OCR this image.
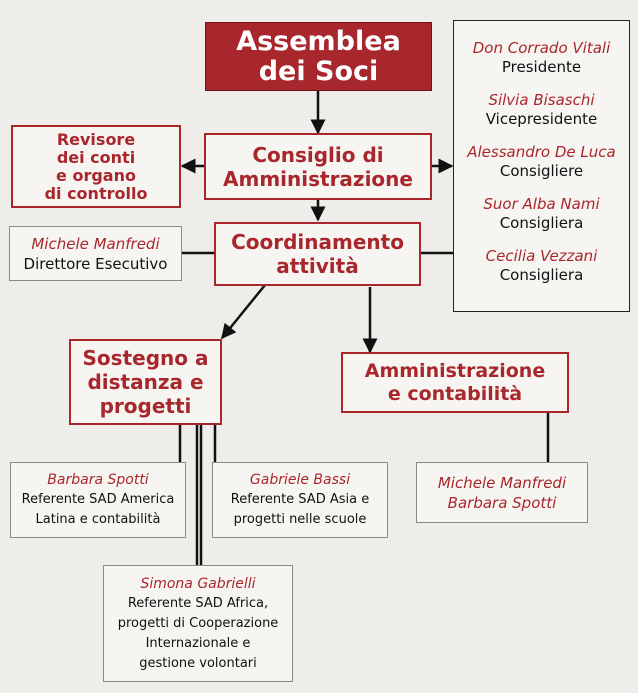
Assemblea
dei Soci
Consiglio di
Amministrazione
Revisore
dei conti
e organo
di controllo
Michele Manfredi
Direttore Esecutivo
Coordinamento
attività
Don Corrado Vitali
Presidente
Silvia Bisaschi
Vicepresidente
Alessandro De Luca
Consigliere
Suor Alba Nami
Consigliera
Cecilia Vezzani
Consigliera
Sostegno a
distanza e
progetti
Amministrazione
e contabilità
Barbara Spotti
Referente SAD America
Latina e contabilità
Gabriele Bassi
Referente SAD Asia e
progetti nelle scuole
Simona Gabrielli
Referente SAD Africa,
progetti di Cooperazione
Internazionale e
gestione volontari
Michele Manfredi
Barbara Spotti
